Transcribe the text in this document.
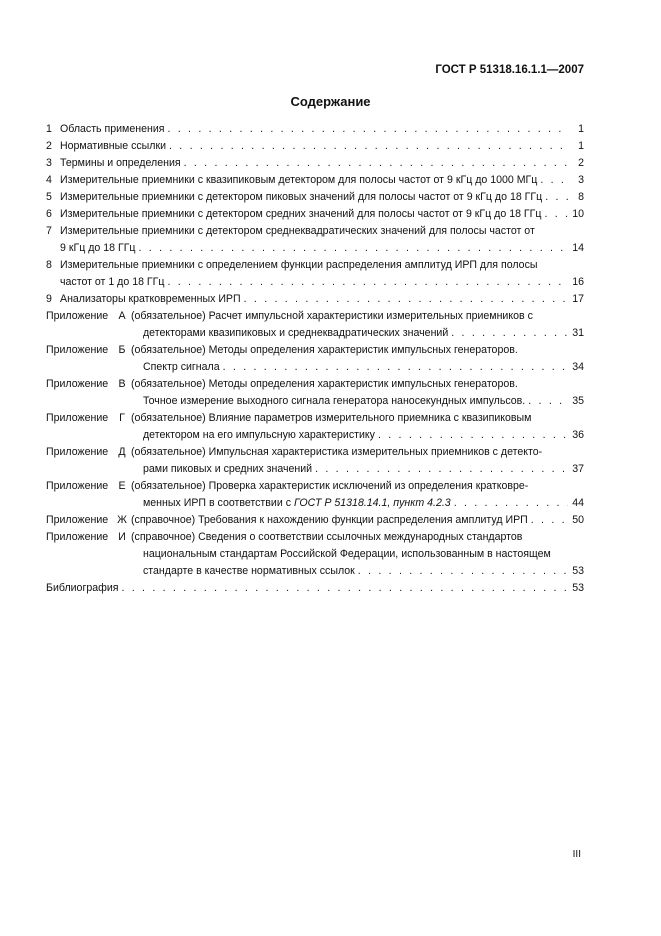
ГОСТ Р 51318.16.1.1—2007
Содержание
1 Область применения . . .	1
2 Нормативные ссылки . . .	1
3 Термины и определения . . .	2
4 Измерительные приемники с квазипиковым детектором для полосы частот от 9 кГц до 1000 МГц . . .	3
5 Измерительные приемники с детектором пиковых значений для полосы частот от 9 кГц до 18 ГГц . . .	8
6 Измерительные приемники с детектором средних значений для полосы частот от 9 кГц до 18 ГГц . . .	10
7 Измерительные приемники с детектором среднеквадратических значений для полосы частот от
9 кГц до 18 ГГц . . .	14
8 Измерительные приемники с определением функции распределения амплитуд ИРП для полосы
частот от 1 до 18 ГГц . . .	16
9 Анализаторы кратковременных ИРП . . .	17
Приложение А (обязательное) Расчет импульсной характеристики измерительных приемников с
детекторами квазипиковых и среднеквадратических значений . . .	31
Приложение Б (обязательное) Методы определения характеристик импульсных генераторов.
Спектр сигнала . . .	34
Приложение В (обязательное) Методы определения характеристик импульсных генераторов.
Точное измерение выходного сигнала генератора наносекундных импульсов. . . .	35
Приложение	Г (обязательное) Влияние параметров измерительного приемника с квазипиковым
детектором на его импульсную характеристику . . .	36
Приложение Д (обязательное) Импульсная характеристика измерительных приемников с детекто-
рами пиковых и средних значений . . .	37
Приложение Е (обязательное) Проверка характеристик исключений из определения кратковре-
менных ИРП в соответствии с ГОСТ Р 51318.14.1, пункт 4.2.3 . . .	44
Приложение Ж (справочное) Требования к нахождению функции распределения амплитуд ИРП . . .	50
Приложение И (справочное) Сведения о соответствии ссылочных международных стандартов
национальным стандартам Российской Федерации, использованным в настоящем
стандарте в качестве нормативных ссылок . . .	53
Библиография . . .	53
III
